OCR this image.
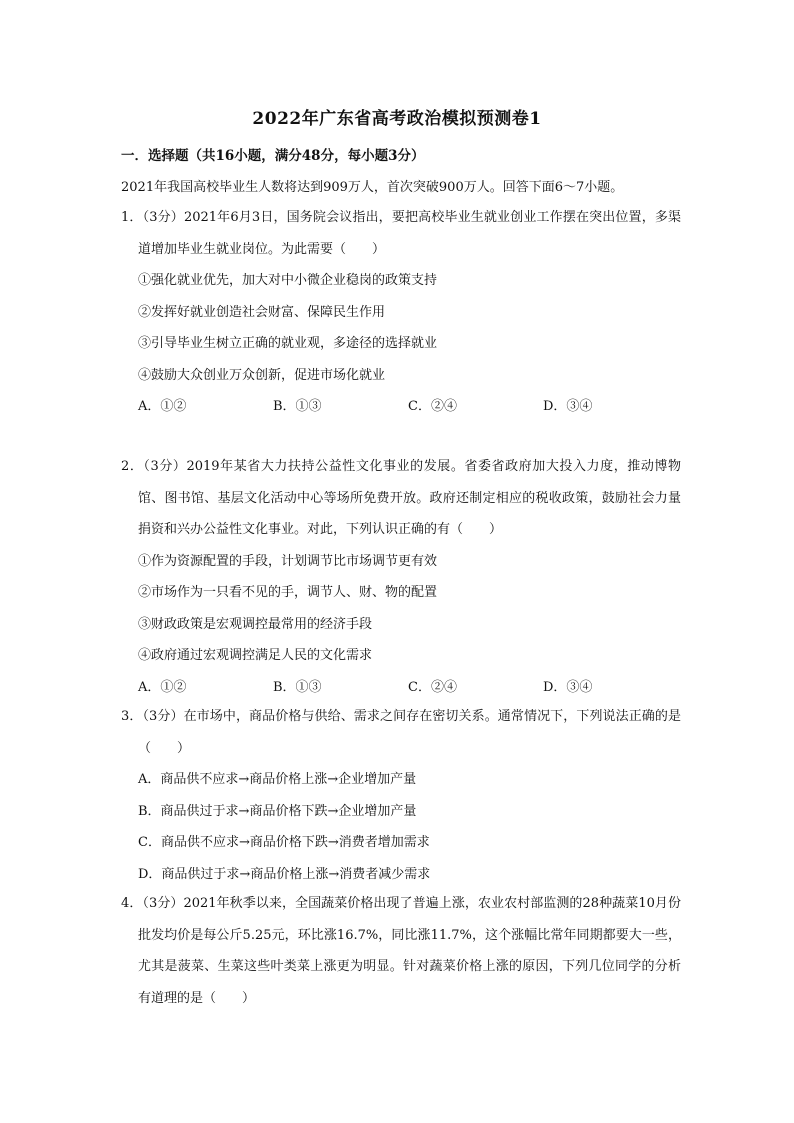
2022年广东省高考政治模拟预测卷1
一．选择题（共16小题，满分48分，每小题3分）
2021年我国高校毕业生人数将达到909万人，首次突破900万人。回答下面6～7小题。
1．（3分）2021年6月3日，国务院会议指出，要把高校毕业生就业创业工作摆在突出位置，多渠道增加毕业生就业岗位。为此需要（　　）
①强化就业优先，加大对中小微企业稳岗的政策支持
②发挥好就业创造社会财富、保障民生作用
③引导毕业生树立正确的就业观，多途径的选择就业
④鼓励大众创业万众创新，促进市场化就业
A．①②	B．①③	C．②④	D．③④
2．（3分）2019年某省大力扶持公益性文化事业的发展。省委省政府加大投入力度，推动博物馆、图书馆、基层文化活动中心等场所免费开放。政府还制定相应的税收政策，鼓励社会力量捐资和兴办公益性文化事业。对此，下列认识正确的有（　　）
①作为资源配置的手段，计划调节比市场调节更有效
②市场作为一只看不见的手，调节人、财、物的配置
③财政政策是宏观调控最常用的经济手段
④政府通过宏观调控满足人民的文化需求
A．①②	B．①③	C．②④	D．③④
3．（3分）在市场中，商品价格与供给、需求之间存在密切关系。通常情况下，下列说法正确的是（　　）
A．商品供不应求→商品价格上涨→企业增加产量
B．商品供过于求→商品价格下跌→企业增加产量
C．商品供不应求→商品价格下跌→消费者增加需求
D．商品供过于求→商品价格上涨→消费者减少需求
4．（3分）2021年秋季以来，全国蔬菜价格出现了普遍上涨，农业农村部监测的28种蔬菜10月份批发均价是每公斤5.25元，环比涨16.7%，同比涨11.7%，这个涨幅比常年同期都要大一些，尤其是菠菜、生菜这些叶类菜上涨更为明显。针对蔬菜价格上涨的原因，下列几位同学的分析有道理的是（　　）
